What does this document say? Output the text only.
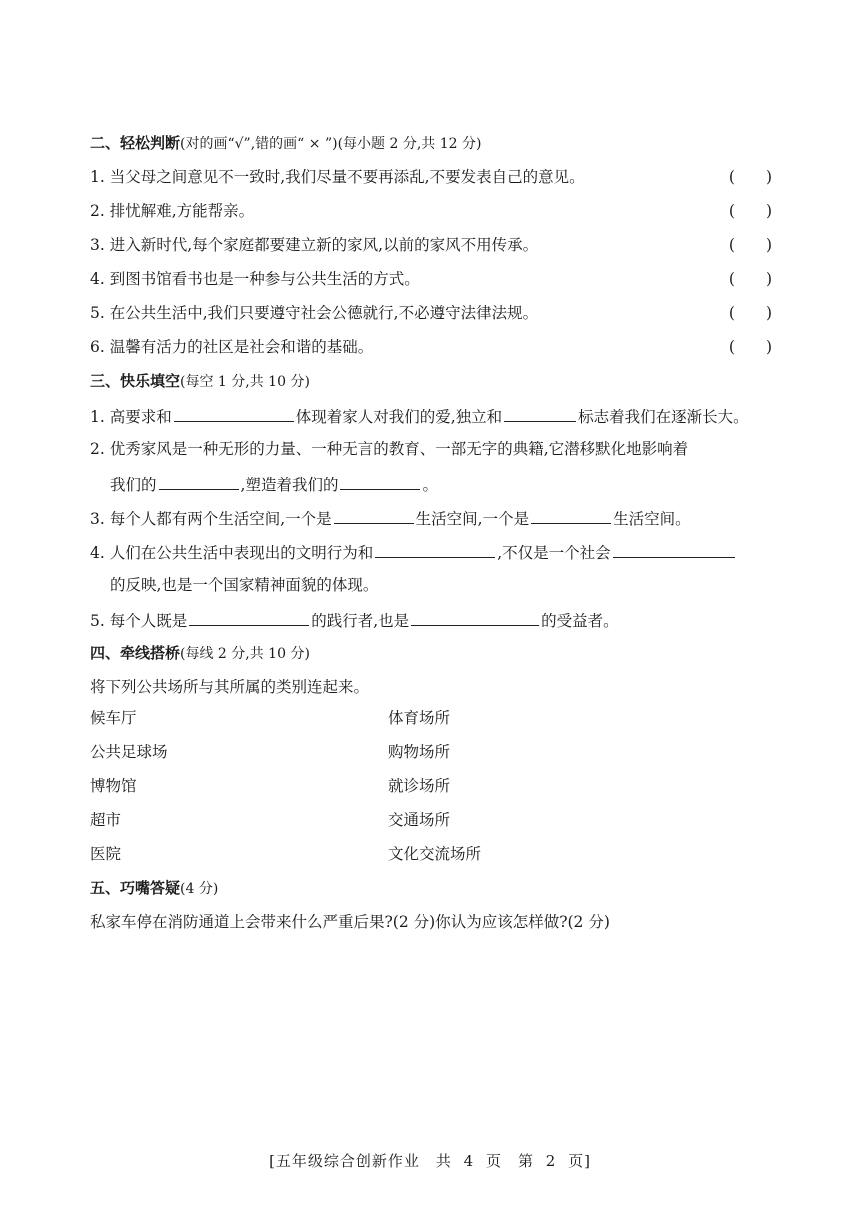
二、轻松判断(对的画“√”,错的画“ × ”)(每小题 2 分,共 12 分)
1. 当父母之间意见不一致时,我们尽量不要再添乱,不要发表自己的意见。	(　　)
2. 排忧解难,方能帮亲。	(　　)
3. 进入新时代,每个家庭都要建立新的家风,以前的家风不用传承。	(　　)
4. 到图书馆看书也是一种参与公共生活的方式。	(　　)
5. 在公共生活中,我们只要遵守社会公德就行,不必遵守法律法规。	(　　)
6. 温馨有活力的社区是社会和谐的基础。	(　　)
三、快乐填空(每空 1 分,共 10 分)
1. 高要求和	体现着家人对我们的爱,独立和	标志着我们在逐渐长大。
2. 优秀家风是一种无形的力量、一种无言的教育、一部无字的典籍,它潜移默化地影响着
我们的	,塑造着我们的	。
3. 每个人都有两个生活空间,一个是	生活空间,一个是	生活空间。
4. 人们在公共生活中表现出的文明行为和	,不仅是一个社会
的反映,也是一个国家精神面貌的体现。
5. 每个人既是	的践行者,也是	的受益者。
四、牵线搭桥(每线 2 分,共 10 分)
将下列公共场所与其所属的类别连起来。
候车厅	体育场所
公共足球场	购物场所
博物馆	就诊场所
超市	交通场所
医院	文化交流场所
五、巧嘴答疑(4 分)
私家车停在消防通道上会带来什么严重后果?(2 分)你认为应该怎样做?(2 分)
[五年级综合创新作业　共 4 页　第 2 页]
